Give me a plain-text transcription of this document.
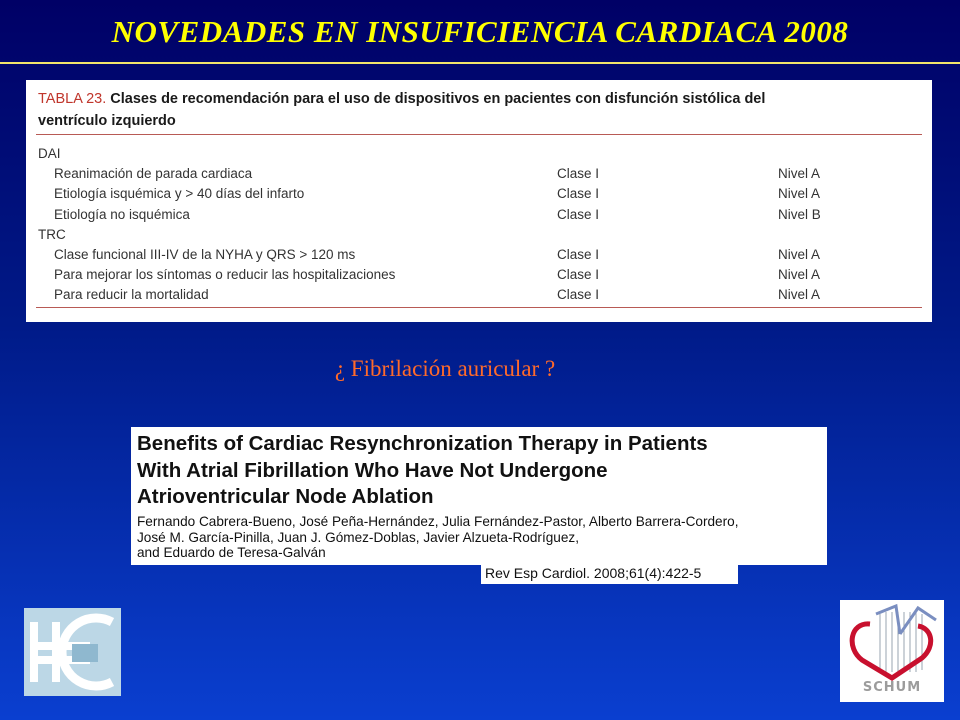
NOVEDADES EN INSUFICIENCIA CARDIACA 2008
TABLA 23. Clases de recomendación para el uso de dispositivos en pacientes con disfunción sistólica del
ventrículo izquierdo
DAI
Reanimación de parada cardiaca	Clase I	Nivel A
Etiología isquémica y > 40 días del infarto	Clase I	Nivel A
Etiología no isquémica	Clase I	Nivel B
TRC
Clase funcional III-IV de la NYHA y QRS > 120 ms	Clase I	Nivel A
Para mejorar los síntomas o reducir las hospitalizaciones	Clase I	Nivel A
Para reducir la mortalidad	Clase I	Nivel A
¿ Fibrilación auricular ?
Benefits of Cardiac Resynchronization Therapy in Patients
With Atrial Fibrillation Who Have Not Undergone
Atrioventricular Node Ablation
Fernando Cabrera-Bueno, José Peña-Hernández, Julia Fernández-Pastor, Alberto Barrera-Cordero,
José M. García-Pinilla, Juan J. Gómez-Doblas, Javier Alzueta-Rodríguez,
and Eduardo de Teresa-Galván
Rev Esp Cardiol. 2008;61(4):422-5
SCHUM
